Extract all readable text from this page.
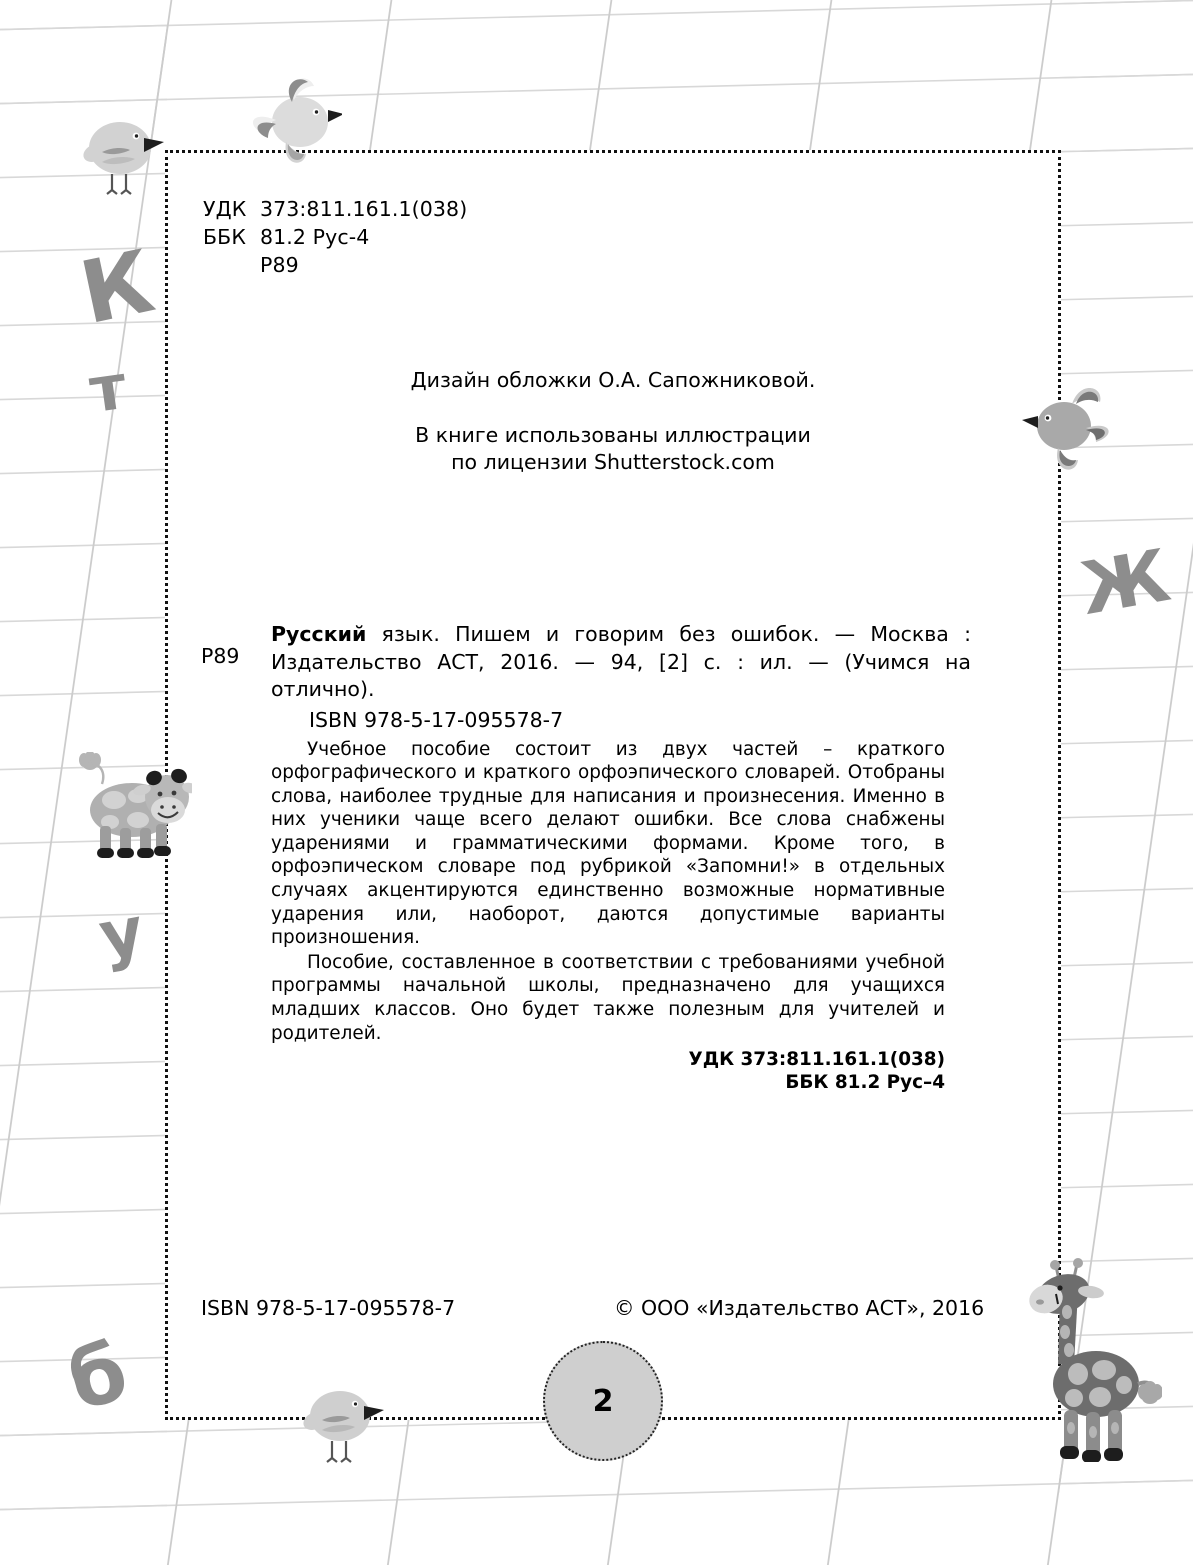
К
т
у
б
Ж
УДК 373:811.161.1(038)
ББК 81.2 Рус-4
Р89
Дизайн обложки О.А. Сапожниковой.
В книге использованы иллюстрации
по лицензии Shutterstock.com
Р89
Русский язык. Пишем и говорим без ошибок. — Москва : Издательство АСТ, 2016. — 94, [2] с. : ил. — (Учимся на отлично).
ISBN 978-5-17-095578-7

Учебное пособие состоит из двух частей – краткого орфографического и краткого орфоэпического словарей. Отобраны слова, наиболее трудные для написания и произнесения. Именно в них ученики чаще всего делают ошибки. Все слова снабжены ударениями и грамматическими формами. Кроме того, в орфоэпическом словаре под рубрикой «Запомни!» в отдельных случаях акцентируются единственно возможные нормативные ударения или, наоборот, даются допустимые варианты произношения.

Пособие, составленное в соответствии с требованиями учебной программы начальной школы, предназначено для учащихся младших классов. Оно будет также полезным для учителей и родителей.

УДК 373:811.161.1(038)
ББК 81.2 Рус–4
ISBN 978-5-17-095578-7	© ООО «Издательство АСТ», 2016
2
